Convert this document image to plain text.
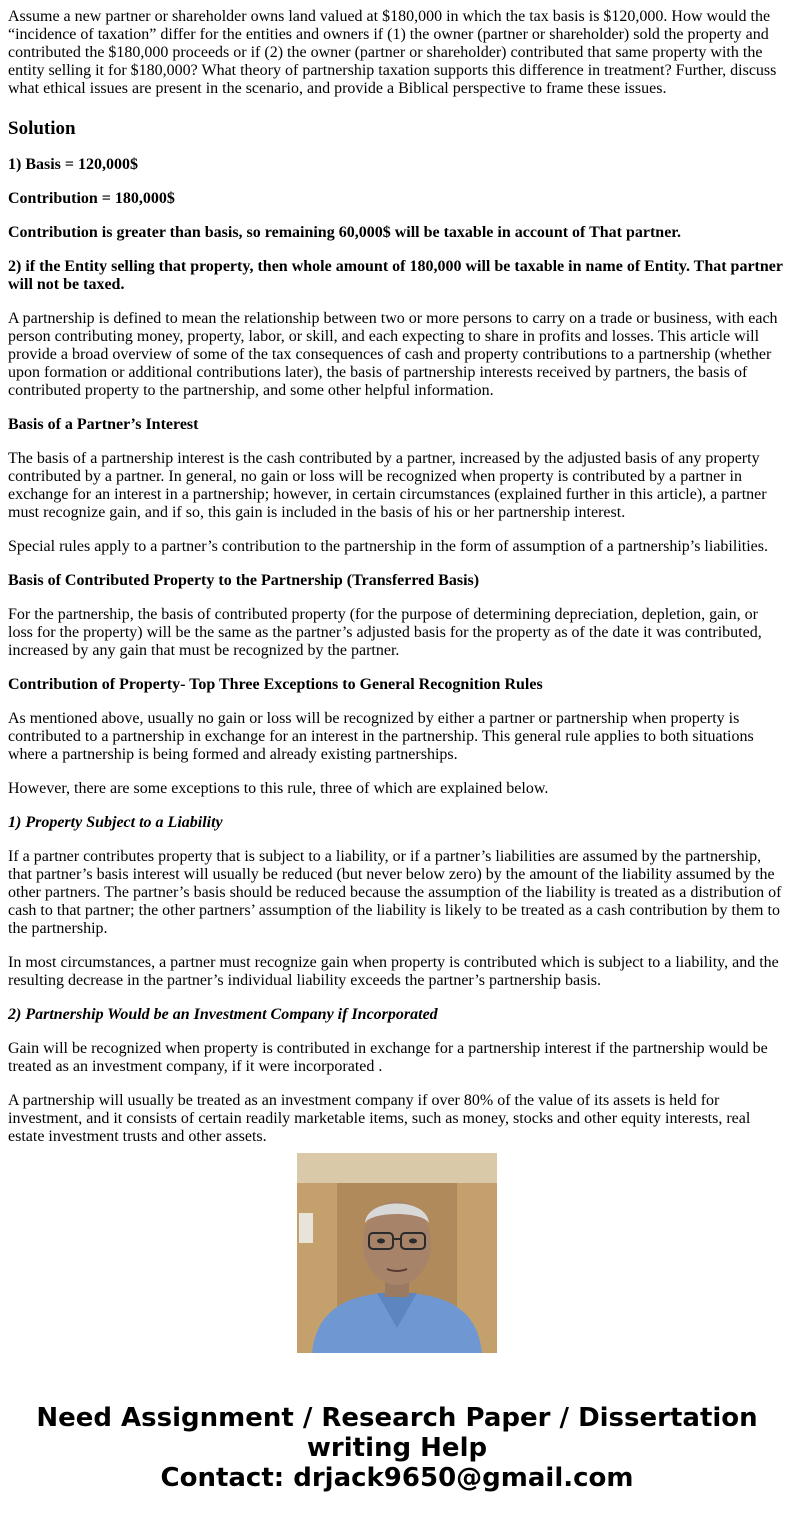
Assume a new partner or shareholder owns land valued at $180,000 in which the tax basis is $120,000. How would the “incidence of taxation” differ for the entities and owners if (1) the owner (partner or shareholder) sold the property and contributed the $180,000 proceeds or if (2) the owner (partner or shareholder) contributed that same property with the entity selling it for $180,000? What theory of partnership taxation supports this difference in treatment? Further, discuss what ethical issues are present in the scenario, and provide a Biblical perspective to frame these issues.

Solution

1) Basis = 120,000$

Contribution = 180,000$

Contribution is greater than basis, so remaining 60,000$ will be taxable in account of That partner.

2) if the Entity selling that property, then whole amount of 180,000 will be taxable in name of Entity. That partner will not be taxed.

A partnership is defined to mean the relationship between two or more persons to carry on a trade or business, with each person contributing money, property, labor, or skill, and each expecting to share in profits and losses. This article will provide a broad overview of some of the tax consequences of cash and property contributions to a partnership (whether upon formation or additional contributions later), the basis of partnership interests received by partners, the basis of contributed property to the partnership, and some other helpful information.

Basis of a Partner’s Interest

The basis of a partnership interest is the cash contributed by a partner, increased by the adjusted basis of any property contributed by a partner. In general, no gain or loss will be recognized when property is contributed by a partner in exchange for an interest in a partnership; however, in certain circumstances (explained further in this article), a partner must recognize gain, and if so, this gain is included in the basis of his or her partnership interest.

Special rules apply to a partner’s contribution to the partnership in the form of assumption of a partnership’s liabilities.

Basis of Contributed Property to the Partnership (Transferred Basis)

For the partnership, the basis of contributed property (for the purpose of determining depreciation, depletion, gain, or loss for the property) will be the same as the partner’s adjusted basis for the property as of the date it was contributed, increased by any gain that must be recognized by the partner.

Contribution of Property- Top Three Exceptions to General Recognition Rules

As mentioned above, usually no gain or loss will be recognized by either a partner or partnership when property is contributed to a partnership in exchange for an interest in the partnership. This general rule applies to both situations where a partnership is being formed and already existing partnerships.

However, there are some exceptions to this rule, three of which are explained below.

1) Property Subject to a Liability

If a partner contributes property that is subject to a liability, or if a partner’s liabilities are assumed by the partnership, that partner’s basis interest will usually be reduced (but never below zero) by the amount of the liability assumed by the other partners. The partner’s basis should be reduced because the assumption of the liability is treated as a distribution of cash to that partner; the other partners’ assumption of the liability is likely to be treated as a cash contribution by them to the partnership.

In most circumstances, a partner must recognize gain when property is contributed which is subject to a liability, and the resulting decrease in the partner’s individual liability exceeds the partner’s partnership basis.

2) Partnership Would be an Investment Company if Incorporated

Gain will be recognized when property is contributed in exchange for a partnership interest if the partnership would be treated as an investment company, if it were incorporated .

A partnership will usually be treated as an investment company if over 80% of the value of its assets is held for investment, and it consists of certain readily marketable items, such as money, stocks and other equity interests, real estate investment trusts and other assets.

Need Assignment / Research Paper / Dissertation
writing Help
Contact: drjack9650@gmail.com
